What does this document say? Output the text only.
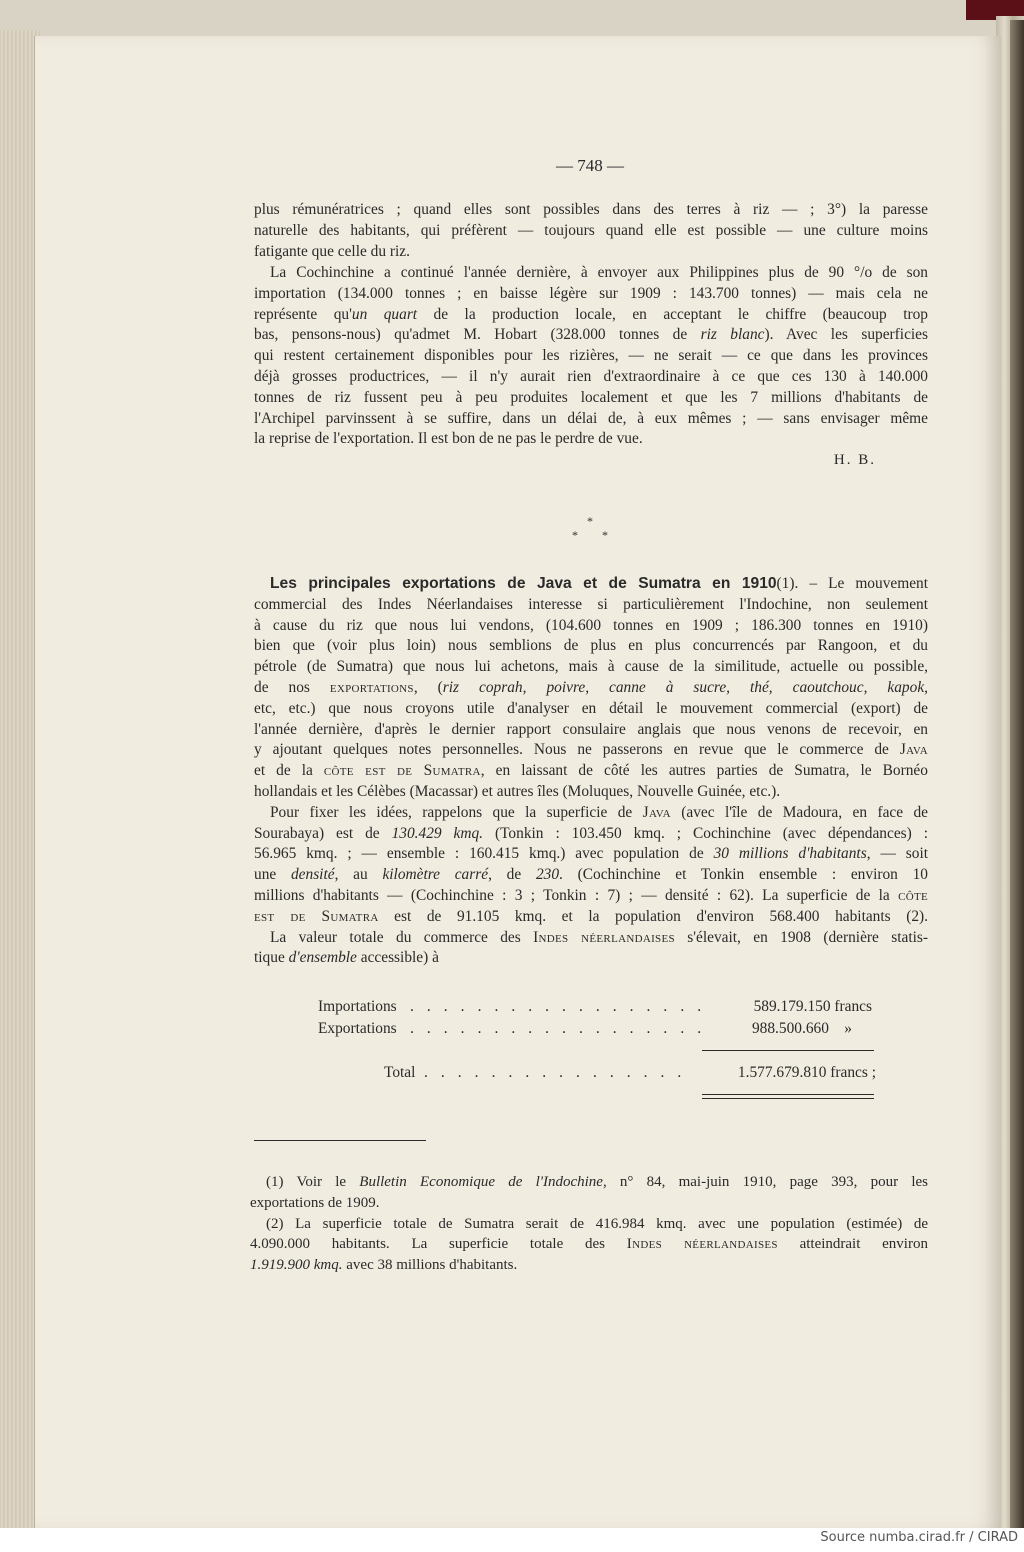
— 748 —
plus rémunératrices ; quand elles sont possibles dans des terres à riz — ; 3°) la paresse
naturelle des habitants, qui préfèrent — toujours quand elle est possible — une culture moins
fatigante que celle du riz.
La Cochinchine a continué l'année dernière, à envoyer aux Philippines plus de 90 °/o de son
importation (134.000 tonnes ; en baisse légère sur 1909 : 143.700 tonnes) — mais cela ne
représente qu'un quart de la production locale, en acceptant le chiffre (beaucoup trop
bas, pensons-nous) qu'admet M. Hobart (328.000 tonnes de riz blanc). Avec les superficies
qui restent certainement disponibles pour les rizières, — ne serait — ce que dans les provinces
déjà grosses productrices, — il n'y aurait rien d'extraordinaire à ce que ces 130 à 140.000
tonnes de riz fussent peu à peu produites localement et que les 7 millions d'habitants de
l'Archipel parvinssent à se suffire, dans un délai de, à eux mêmes ; — sans envisager même
la reprise de l'exportation. Il est bon de ne pas le perdre de vue.
H. B.
*
* *
Les principales exportations de Java et de Sumatra en 1910(1). – Le mouvement
commercial des Indes Néerlandaises interesse si particulièrement l'Indochine, non seulement
à cause du riz que nous lui vendons, (104.600 tonnes en 1909 ; 186.300 tonnes en 1910)
bien que (voir plus loin) nous semblions de plus en plus concurrencés par Rangoon, et du
pétrole (de Sumatra) que nous lui achetons, mais à cause de la similitude, actuelle ou possible,
de nos exportations, (riz coprah, poivre, canne à sucre, thé, caoutchouc, kapok,
etc, etc.) que nous croyons utile d'analyser en détail le mouvement commercial (export) de
l'année dernière, d'après le dernier rapport consulaire anglais que nous venons de recevoir, en
y ajoutant quelques notes personnelles. Nous ne passerons en revue que le commerce de Java
et de la côte est de Sumatra, en laissant de côté les autres parties de Sumatra, le Bornéo
hollandais et les Célèbes (Macassar) et autres îles (Moluques, Nouvelle Guinée, etc.).
Pour fixer les idées, rappelons que la superficie de Java (avec l'île de Madoura, en face de
Sourabaya) est de 130.429 kmq. (Tonkin : 103.450 kmq. ; Cochinchine (avec dépendances) :
56.965 kmq. ; — ensemble : 160.415 kmq.) avec population de 30 millions d'habitants, — soit
une densité, au kilomètre carré, de 230. (Cochinchine et Tonkin ensemble : environ 10
millions d'habitants — (Cochinchine : 3 ; Tonkin : 7) ; — densité : 62). La superficie de la côte
est de Sumatra est de 91.105 kmq. et la population d'environ 568.400 habitants (2).
La valeur totale du commerce des Indes néerlandaises s'élevait, en 1908 (dernière statis-
tique d'ensemble accessible) à
Importations . . . . . . . . . . . . . . . . . .	589.179.150 francs
Exportations . . . . . . . . . . . . . . . . . .	988.500.660    »
Total . . . . . . . . . . . . . . . .	1.577.679.810 francs ;
(1) Voir le Bulletin Economique de l'Indochine, n° 84, mai-juin 1910, page 393, pour les
exportations de 1909.
(2) La superficie totale de Sumatra serait de 416.984 kmq. avec une population (estimée) de
4.090.000 habitants. La superficie totale des Indes néerlandaises atteindrait environ
1.919.900 kmq. avec 38 millions d'habitants.
Source numba.cirad.fr / CIRAD
